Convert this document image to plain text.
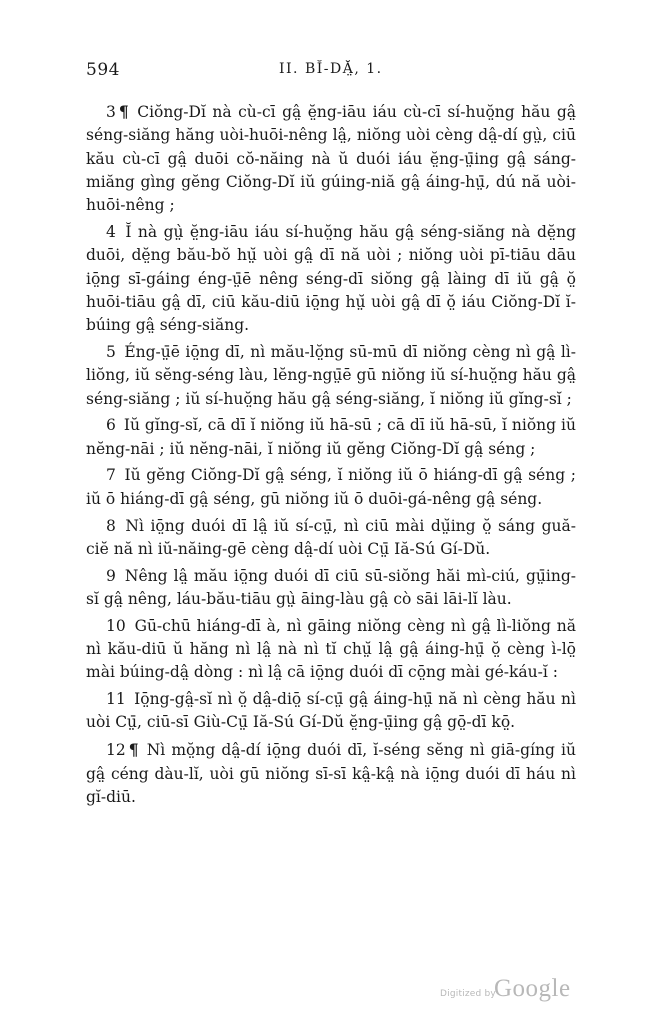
594	II. BĬ-DĂ̤, 1.

3 ¶ Ciŏng-Dĭ nà cù-cī gâ̤ ĕ̤ng-iāu iáu cù-cī sí-huŏ̤ng hău gâ̤ séng-siăng hăng uòi-huōi-nêng lâ̤, niŏng uòi cèng dâ̤-dí gṳ̀, ciū kău cù-cī gâ̤ duōi cŏ-năing nà ŭ duói iáu ĕ̤ng-ṳ̄ing gâ̤ sáng-miăng gìng gĕng Ciŏng-Dĭ iŭ gúing-niă gâ̤ áing-hṳ̄, dú nă uòi-huōi-nêng ;

4 Ĭ nà gṳ̀ ĕ̤ng-iāu iáu sí-huŏ̤ng hău gâ̤ séng-siăng nà dĕ̤ng duōi, dĕ̤ng bău-bŏ hṳ̆ uòi gâ̤ dī nă uòi ; niŏng uòi pī-tiāu dāu iō̤ng sī-gáing éng-ṳ̄ē nêng séng-dī siŏng gâ̤ làing dī iŭ gâ̤ ŏ̤ huōi-tiāu gâ̤ dī, ciū kău-diū iō̤ng hṳ̆ uòi gâ̤ dī ŏ̤ iáu Ciŏng-Dĭ ĭ-búing gâ̤ séng-siăng.

5 Éng-ṳ̄ē iō̤ng dī, nì mău-lŏ̤ng sū-mū dī niŏng cèng nì gâ̤ lì-liŏng, iŭ sĕng-séng làu, lĕng-ngṳ̄ē gū niŏng iŭ sí-huŏ̤ng hău gâ̤ séng-siăng ; iŭ sí-huŏ̤ng hău gâ̤ séng-siăng, ĭ niŏng iŭ gĭng-sĭ ;

6 Iŭ gĭng-sĭ, cā dī ĭ niŏng iŭ hā-sū ; cā dī iŭ hā-sū, ĭ niŏng iŭ nĕng-nāi ; iŭ nĕng-nāi, ĭ niŏng iŭ gĕng Ciŏng-Dĭ gâ̤ séng ;

7 Iŭ gĕng Ciŏng-Dĭ gâ̤ séng, ĭ niŏng iŭ ō hiáng-dī gâ̤ séng ; iŭ ō hiáng-dī gâ̤ séng, gū niŏng iŭ ō duōi-gá-nêng gâ̤ séng.

8 Nì iō̤ng duói dī lâ̤ iŭ sí-cṳ̄, nì ciū mài dṳ̆ing ŏ̤ sáng guă-ciĕ nă nì iŭ-năing-gē cèng dâ̤-dí uòi Cṳ̄ Iă-Sú Gí-Dŭ.

9 Nêng lâ̤ mău iō̤ng duói dī ciū sū-siŏng hăi mì-ciú, gṳ̄ing-sĭ gâ̤ nêng, láu-bău-tiāu gṳ̀ āing-làu gâ̤ cò sāi lāi-lĭ làu.

10 Gū-chū hiáng-dī à, nì gāing niŏng cèng nì gâ̤ lì-liŏng nă nì kău-diū ŭ hăng nì lâ̤ nà nì tĭ chṳ̆ lâ̤ gâ̤ áing-hṳ̄ ŏ̤ cèng ì-lō̤ mài búing-dâ̤ dòng : nì lâ̤ cā iō̤ng duói dī cō̤ng mài gé-káu-ĭ :

11 Iō̤ng-gâ̤-sĭ nì ŏ̤ dâ̤-diō̤ sí-cṳ̄ gâ̤ áing-hṳ̄ nă nì cèng hău nì uòi Cṳ̄, ciū-sī Giù-Cṳ̄ Iă-Sú Gí-Dŭ ĕ̤ng-ṳ̄ing gâ̤ gō̤-dī kō̤.

12 ¶ Nì mŏ̤ng dâ̤-dí iō̤ng duói dī, ĭ-séng sĕng nì giā-gíng iŭ gâ̤ céng dàu-lĭ, uòi gū niŏng sī-sī kâ̤-kâ̤ nà iō̤ng duói dī háu nì gĭ-diū.

Digitized by
Google
